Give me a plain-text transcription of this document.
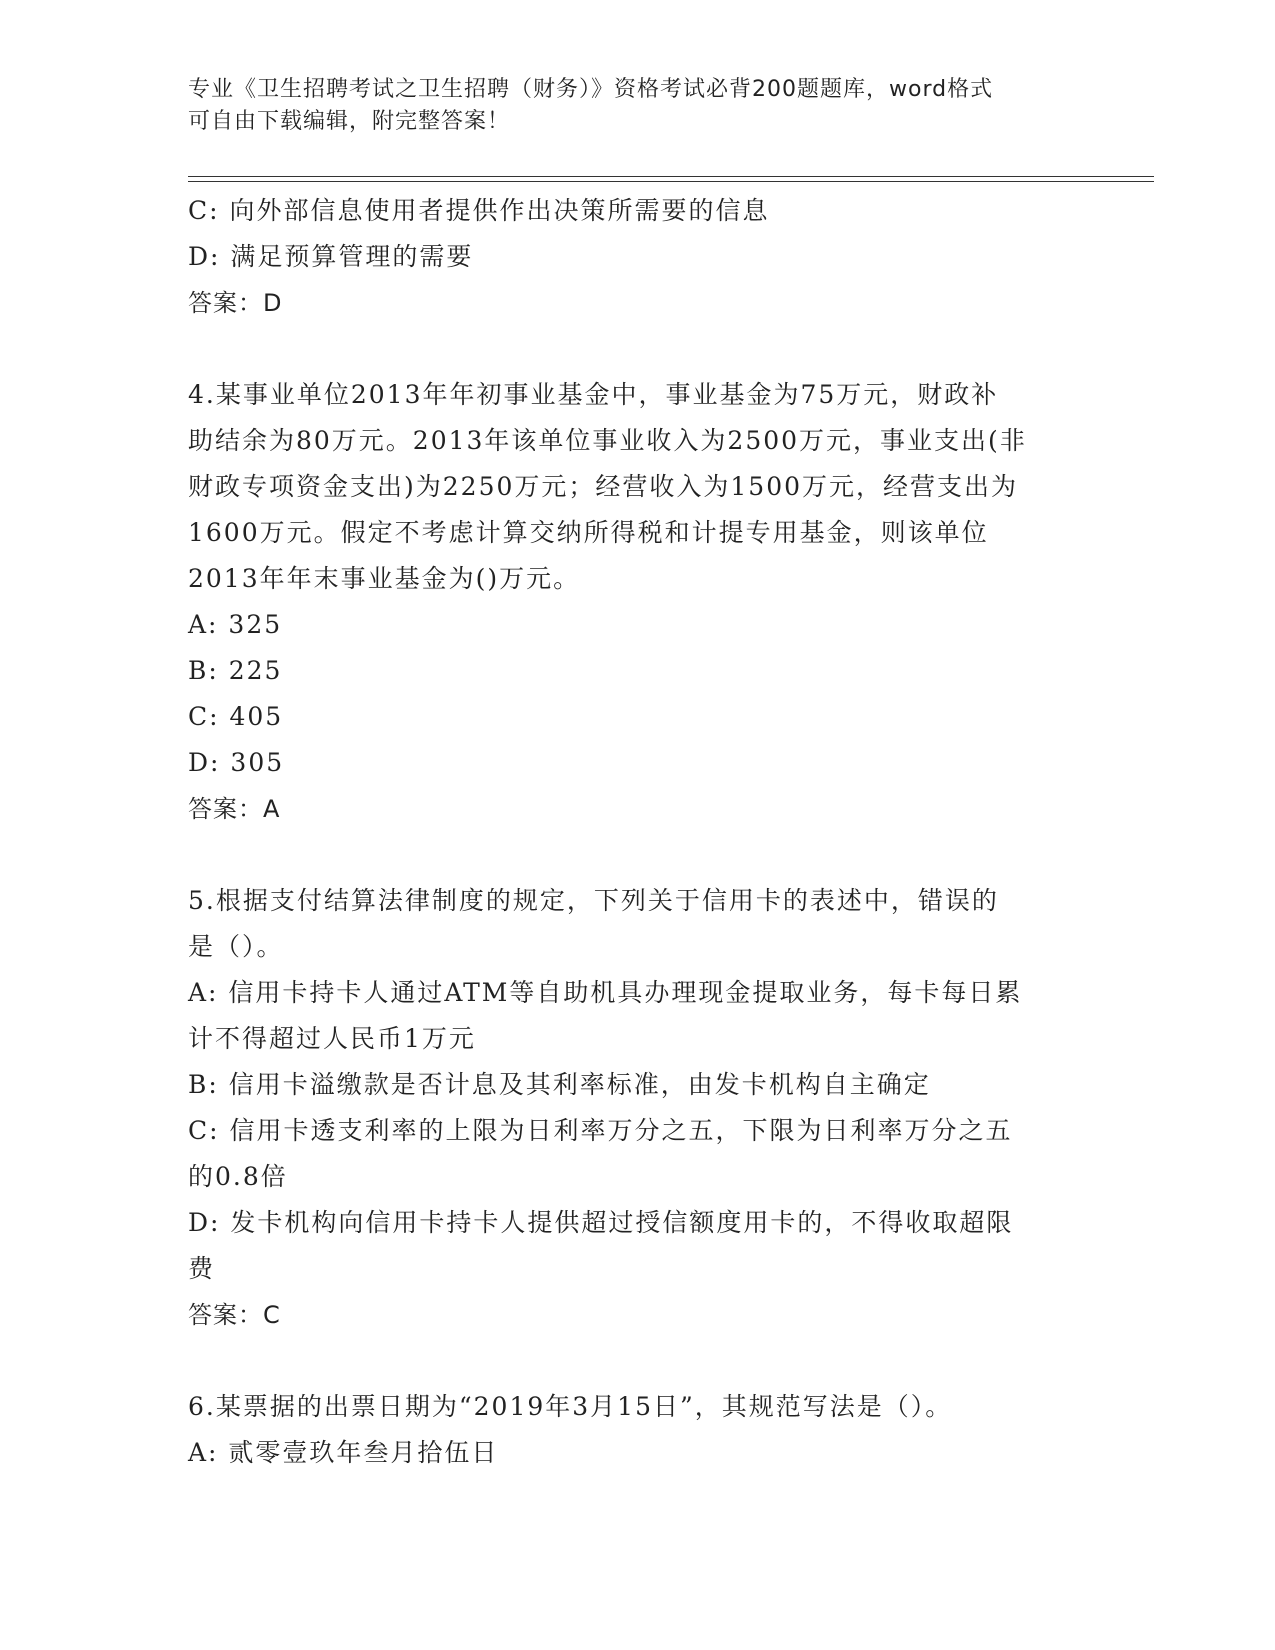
专业《卫生招聘考试之卫生招聘（财务）》资格考试必背200题题库，word格式
可自由下载编辑，附完整答案！
C: 向外部信息使用者提供作出决策所需要的信息
D: 满足预算管理的需要
答案：D
4.某事业单位2013年年初事业基金中，事业基金为75万元，财政补
助结余为80万元。2013年该单位事业收入为2500万元，事业支出(非
财政专项资金支出)为2250万元；经营收入为1500万元，经营支出为
1600万元。假定不考虑计算交纳所得税和计提专用基金，则该单位
2013年年末事业基金为()万元。
A: 325
B: 225
C: 405
D: 305
答案：A
5.根据支付结算法律制度的规定，下列关于信用卡的表述中，错误的
是（）。
A: 信用卡持卡人通过ATM等自助机具办理现金提取业务，每卡每日累
计不得超过人民币1万元
B: 信用卡溢缴款是否计息及其利率标准，由发卡机构自主确定
C: 信用卡透支利率的上限为日利率万分之五，下限为日利率万分之五
的0.8倍
D: 发卡机构向信用卡持卡人提供超过授信额度用卡的，不得收取超限
费
答案：C
6.某票据的出票日期为“2019年3月15日”，其规范写法是（）。
A: 贰零壹玖年叁月拾伍日
